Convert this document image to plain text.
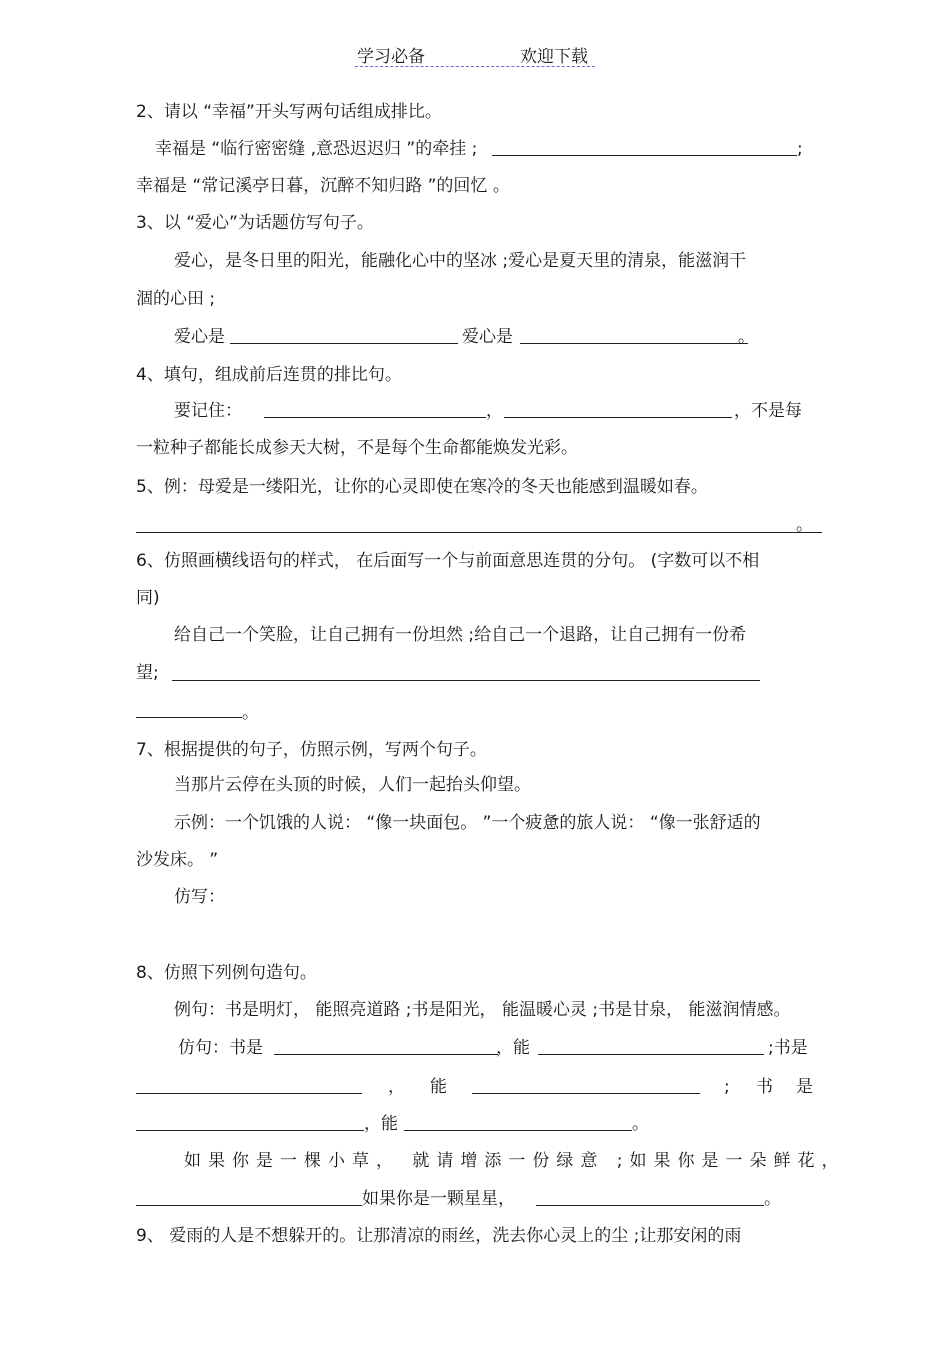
学习必备	欢迎下载
2、请以 “幸福”开头写两句话组成排比。
幸福是 “临行密密缝 ,意恐迟迟归 ”的牵挂 ;	;
幸福是 “常记溪亭日暮，沉醉不知归路 ”的回忆 。
3、以 “爱心”为话题仿写句子。
爱心，是冬日里的阳光，能融化心中的坚冰 ;爱心是夏天里的清泉，能滋润干
涸的心田 ;
爱心是	爱心是	。
4、填句，组成前后连贯的排比句。
要记住：	，	，不是每
一粒种子都能长成参天大树，不是每个生命都能焕发光彩。
5、例：母爱是一缕阳光，让你的心灵即使在寒冷的冬天也能感到温暖如春。
。
6、仿照画横线语句的样式， 在后面写一个与前面意思连贯的分句。 (字数可以不相
同)
给自己一个笑脸，让自己拥有一份坦然 ;给自己一个退路，让自己拥有一份希
望;
。
7、根据提供的句子，仿照示例，写两个句子。
当那片云停在头顶的时候，人们一起抬头仰望。
示例：一个饥饿的人说： “像一块面包。 ”一个疲惫的旅人说： “像一张舒适的
沙发床。 ”
仿写：
8、仿照下列例句造句。
例句：书是明灯， 能照亮道路 ;书是阳光， 能温暖心灵 ;书是甘泉， 能滋润情感。
仿句：书是	，能	;书是
， 能	; 书 是
，能	。
如果你是一棵小草， 就请增添一份绿意 ;如果你是一朵鲜花，
如果你是一颗星星，	。
9、 爱雨的人是不想躲开的。让那清凉的雨丝，洗去你心灵上的尘 ;让那安闲的雨
